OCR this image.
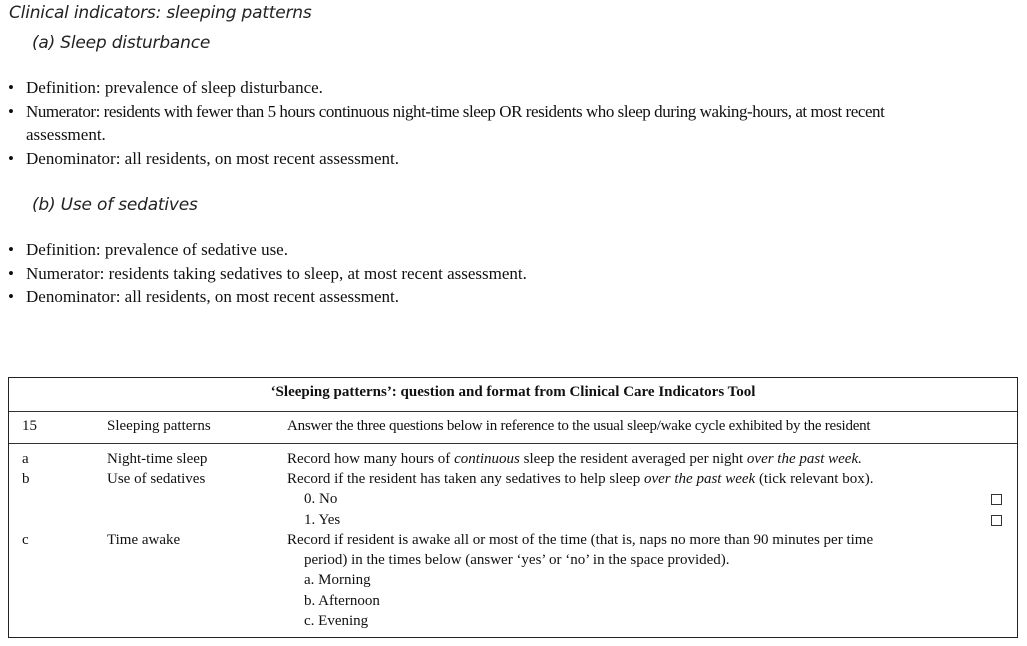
Clinical indicators: sleeping patterns
(a) Sleep disturbance
• Definition: prevalence of sleep disturbance.
• Numerator: residents with fewer than 5 hours continuous night-time sleep OR residents who sleep during waking-hours, at most recent
assessment.
• Denominator: all residents, on most recent assessment.
(b) Use of sedatives
• Definition: prevalence of sedative use.
• Numerator: residents taking sedatives to sleep, at most recent assessment.
• Denominator: all residents, on most recent assessment.
‘Sleeping patterns’: question and format from Clinical Care Indicators Tool
15	Sleeping patterns	Answer the three questions below in reference to the usual sleep/wake cycle exhibited by the resident
a	Night-time sleep	Record how many hours of continuous sleep the resident averaged per night over the past week.
b	Use of sedatives	Record if the resident has taken any sedatives to help sleep over the past week (tick relevant box).
0. No
1. Yes
c	Time awake	Record if resident is awake all or most of the time (that is, naps no more than 90 minutes per time
period) in the times below (answer ‘yes’ or ‘no’ in the space provided).
a. Morning
b. Afternoon
c. Evening
